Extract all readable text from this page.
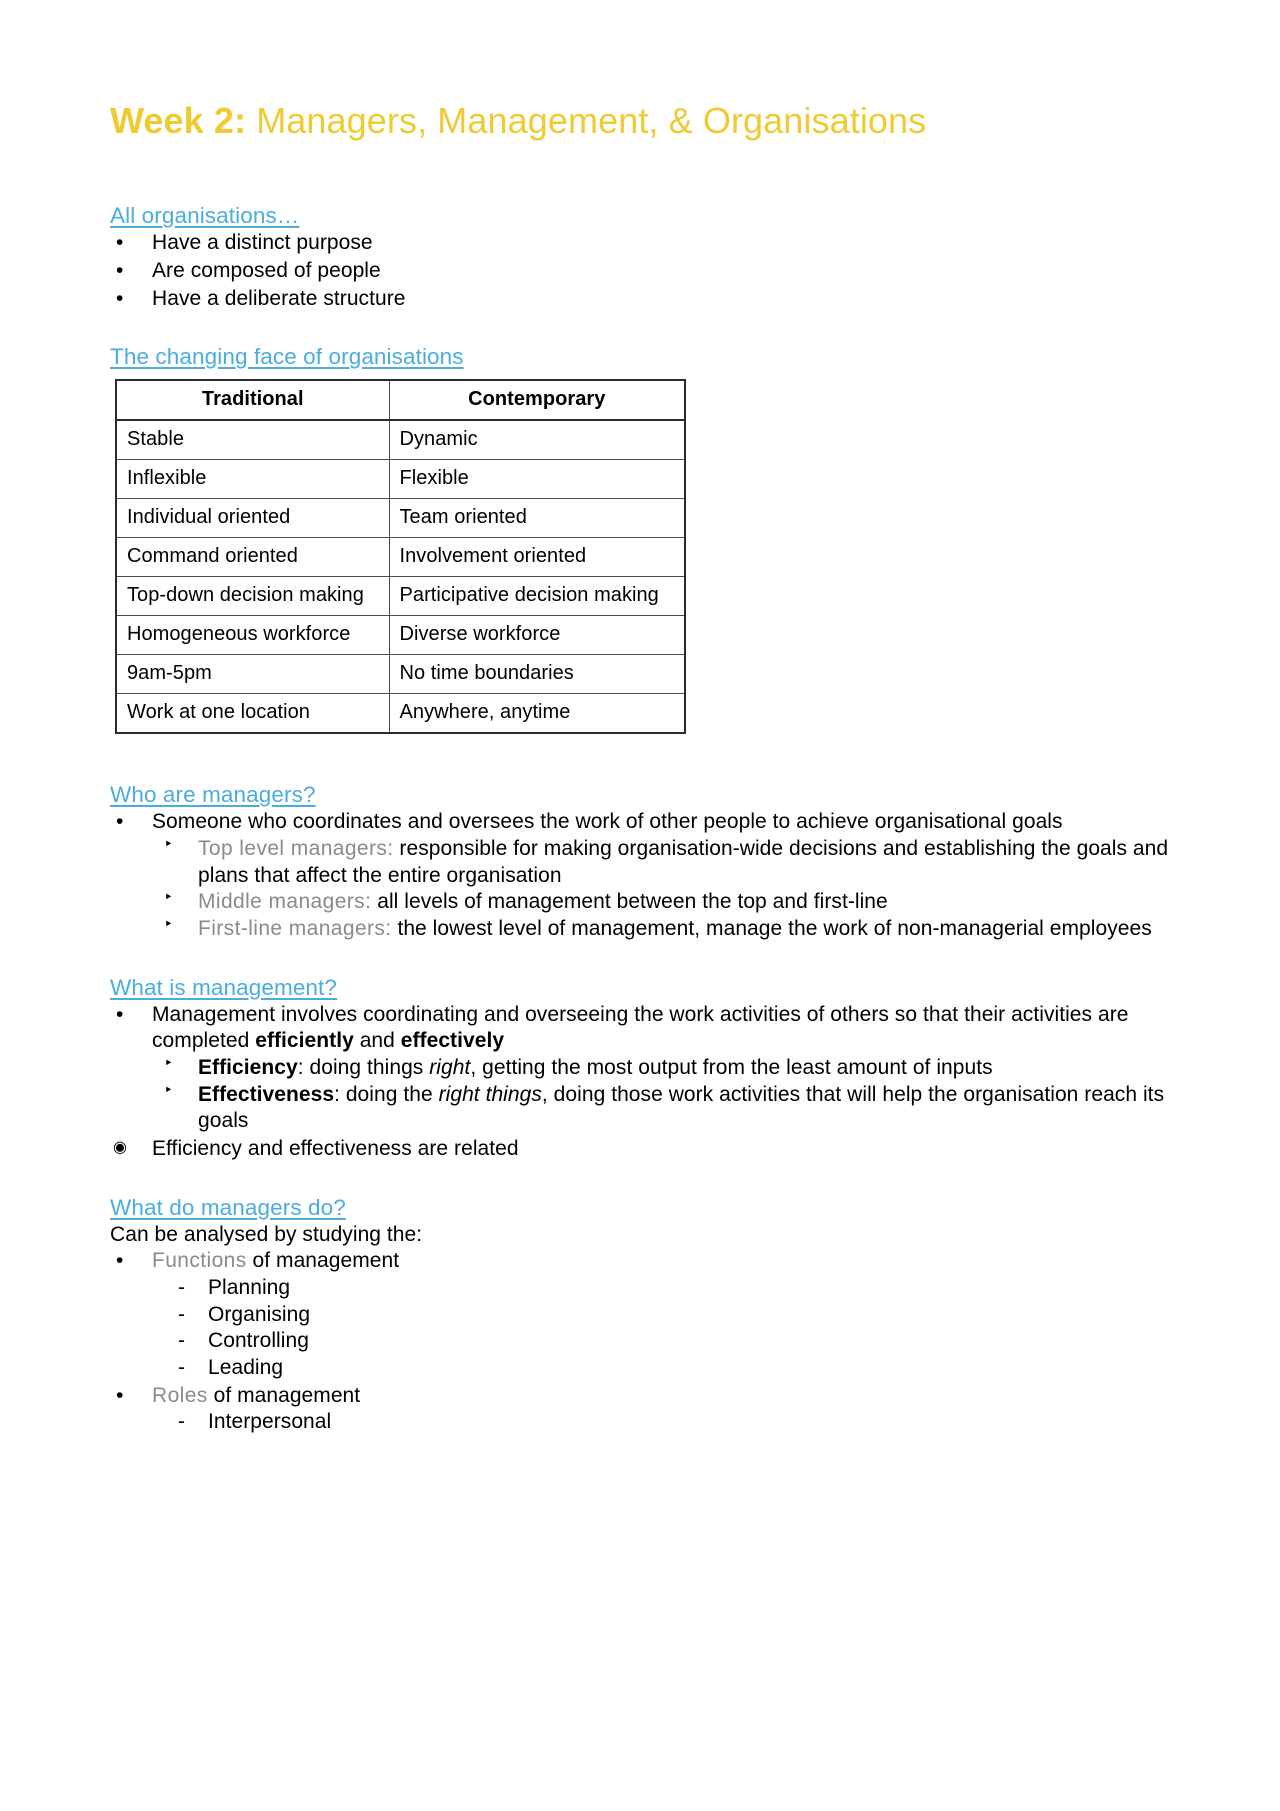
Week 2: Managers, Management, & Organisations
All organisations…
• Have a distinct purpose
• Are composed of people
• Have a deliberate structure
The changing face of organisations
Traditional	Contemporary
Stable	Dynamic
Inflexible	Flexible
Individual oriented	Team oriented
Command oriented	Involvement oriented
Top-down decision making	Participative decision making
Homogeneous workforce	Diverse workforce
9am-5pm	No time boundaries
Work at one location	Anywhere, anytime
Who are managers?
• Someone who coordinates and oversees the work of other people to achieve organisational goals
‣ Top level managers: responsible for making organisation-wide decisions and establishing the goals and plans that affect the entire organisation
‣ Middle managers: all levels of management between the top and first-line
‣ First-line managers: the lowest level of management, manage the work of non-managerial employees
What is management?
• Management involves coordinating and overseeing the work activities of others so that their activities are completed efficiently and effectively
‣ Efficiency: doing things right, getting the most output from the least amount of inputs
‣ Effectiveness: doing the right things, doing those work activities that will help the organisation reach its goals
◉ Efficiency and effectiveness are related
What do managers do?

Can be analysed by studying the:

• Functions of management
- Planning
- Organising
- Controlling
- Leading
• Roles of management
- Interpersonal
